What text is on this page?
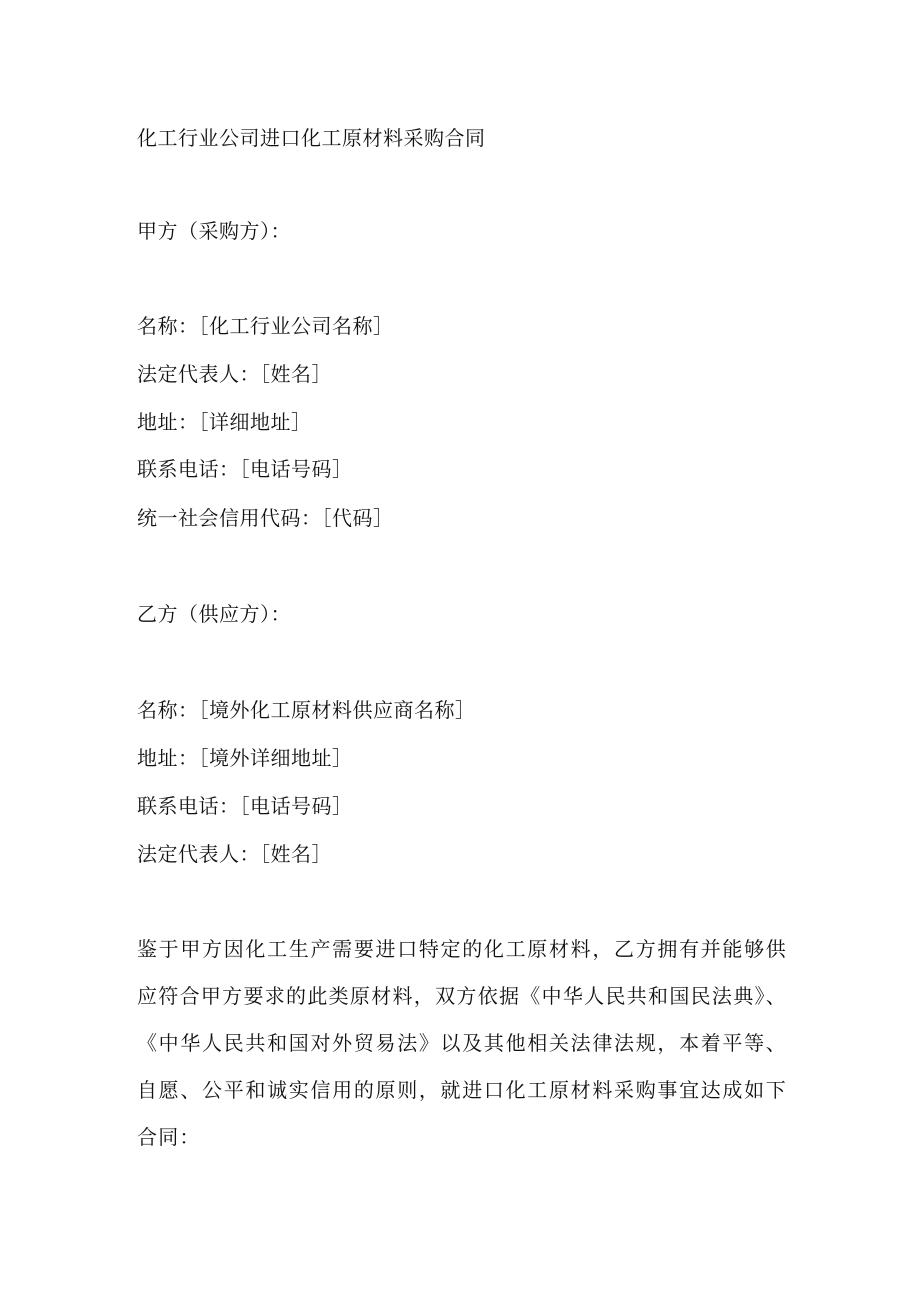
化工行业公司进口化工原材料采购合同
甲方（采购方）：
名称：［化工行业公司名称］
法定代表人：［姓名］
地址：［详细地址］
联系电话：［电话号码］
统一社会信用代码：［代码］
乙方（供应方）：
名称：［境外化工原材料供应商名称］
地址：［境外详细地址］
联系电话：［电话号码］
法定代表人：［姓名］
鉴于甲方因化工生产需要进口特定的化工原材料，乙方拥有并能够供应符合甲方要求的此类原材料，双方依据《中华人民共和国民法典》、《中华人民共和国对外贸易法》以及其他相关法律法规，本着平等、自愿、公平和诚实信用的原则，就进口化工原材料采购事宜达成如下合同：
